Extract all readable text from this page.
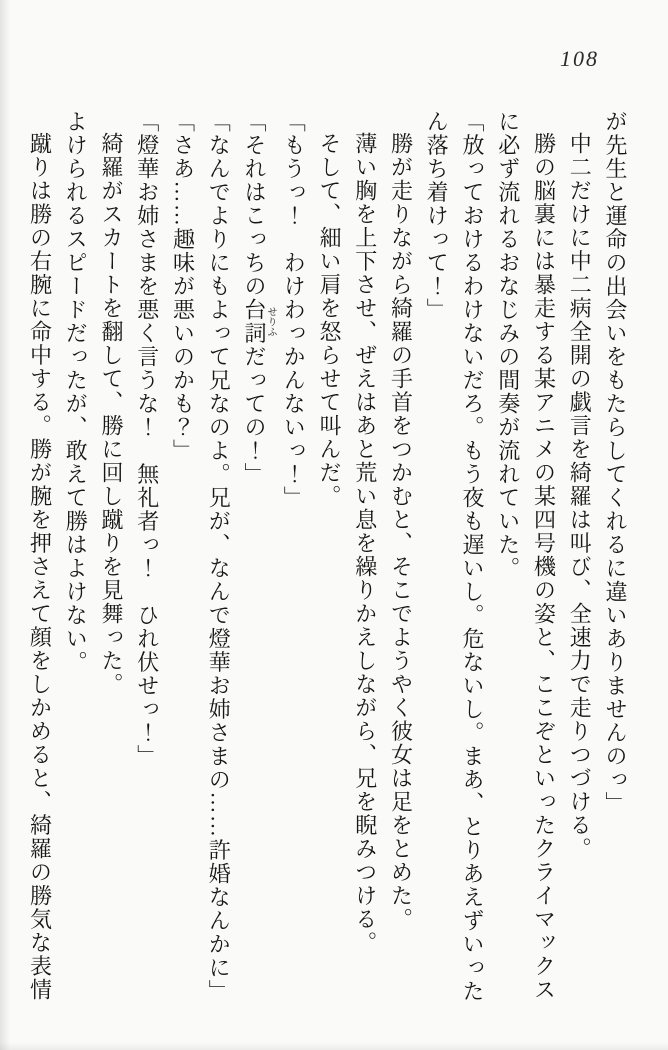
108

が先生と運命の出会いをもたらしてくれるに違いありませんのっ」

中二だけに中二病全開の戯言を綺羅は叫び、全速力で走りつづける。

勝の脳裏には暴走する某アニメの某四号機の姿と、ここぞといったクライマックスに必ず流れるおなじみの間奏が流れていた。

「放っておけるわけないだろ。もう夜も遅いし。危ないし。まあ、とりあえずいったん落ち着けって！」

勝が走りながら綺羅の手首をつかむと、そこでようやく彼女は足をとめた。

薄い胸を上下させ、ぜえはあと荒い息を繰りかえしながら、兄を睨みつける。

そして、細い肩を怒らせて叫んだ。

「もうっ！　わけわっかんないっ！」

「それはこっちの台詞せりふだっての！」

「なんでよりにもよって兄なのよ。兄が、なんで燈華お姉さまの……許婚なんかに」

「さあ……趣味が悪いのかも？」

「燈華お姉さまを悪く言うな！　無礼者っ！　ひれ伏せっ！」

綺羅がスカートを翻して、勝に回し蹴りを見舞った。

よけられるスピードだったが、敢えて勝はよけない。

蹴りは勝の右腕に命中する。勝が腕を押さえて顔をしかめると、綺羅の勝気な表情
